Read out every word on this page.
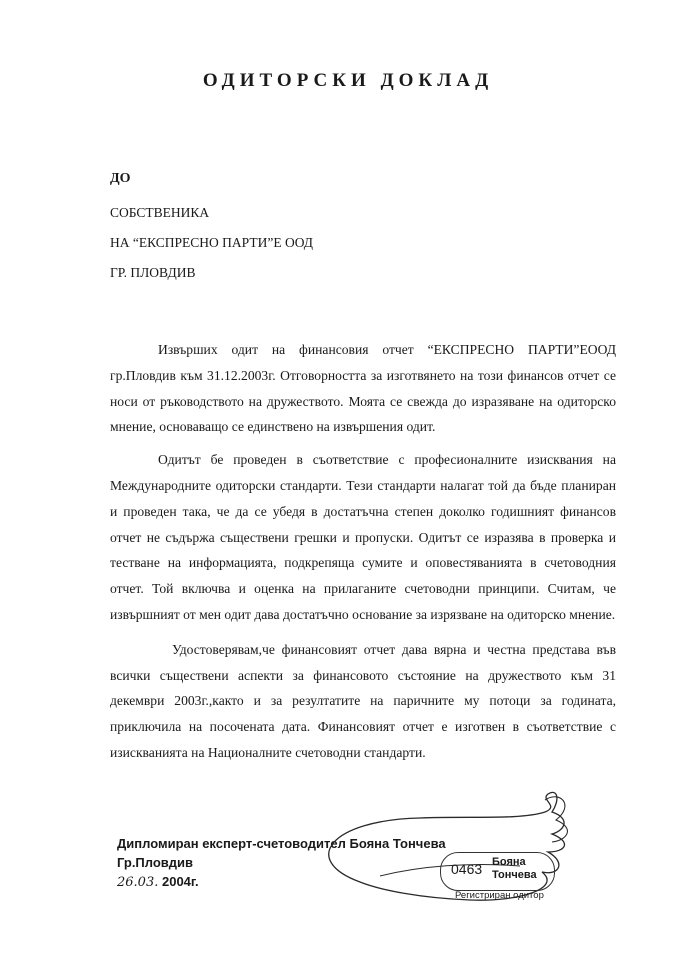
ОДИТОРСКИ ДОКЛАД
ДО
СОБСТВЕНИКА
НА “ЕКСПРЕСНО ПАРТИ”Е ООД
ГР. ПЛОВДИВ

Извърших одит на финансовия отчет “ЕКСПРЕСНО ПАРТИ”ЕООД гр.Пловдив към 31.12.2003г. Отговорността за изготвянето на този финансов отчет се носи от ръководството на дружеството. Моята се свежда до изразяване на одиторско мнение, основаващо се единствено на извършения одит.

Одитът бе проведен в съответствие с професионалните изисквания на Международните одиторски стандарти. Тези стандарти налагат той да бъде планиран и проведен така, че да се убедя в достатъчна степен доколко годишният финансов отчет не съдържа съществени грешки и пропуски. Одитът се изразява в проверка и тестване на информацията, подкрепяща сумите и оповестяванията в счетоводния отчет. Той включва и оценка на прилаганите счетоводни принципи. Считам, че извършният от мен одит дава достатъчно основание за изрязване на одиторско мнение.

Удостоверявам,че финансовият отчет дава вярна и честна представа във всички съществени аспекти за финансовото състояние на дружеството към 31 декември 2003г.,както и за резултатите на паричните му потоци за годината, приключила на посочената дата. Финансовият отчет е изготвен в съответствие с изискванията на Националните счетоводни стандарти.

Дипломиран експерт-счетоводител Бояна Тончева
Гр.Пловдив
26.03. 2004г.
0463 Бояна
Тончева
Регистриран одитор
